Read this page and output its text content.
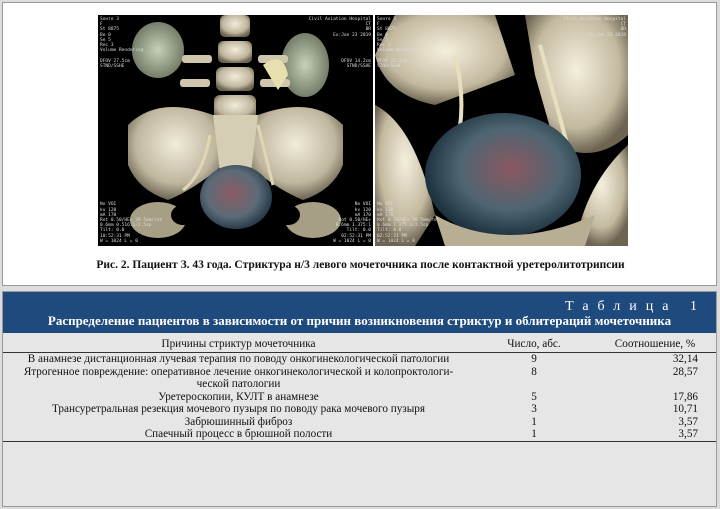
Sонте 3
F
St 8875
Be 0
Se 5
Rec 3
Volume Rendering

DFOV 27.5cm
STND/SSHE
Civil Aviation Hospital
CT
BR
Ex:Jan 23 2019

DFOV 14.2cm
STND/SSHE
No VOI
kv 120
mA 170
Rot 0.50/HE+ 39.5mm/rot
0.6mm 0.516:1/2.5sp
Tilt: 0.0
10:52:31 PM
W = 1024 L = 0
No VOI
kv 120
mA 170
Rot 0.50/HE+
0.6mm 1.375:1
Tilt: 0.0
02:52:31 PM
W = 1024 L = 0
Sонте 3
F
St 8875
Be 0
Se 5
Rec 3
Volume Rendering

DFOV 14.2cm
STND/SSHE
Civil Aviation Hospital
CT
BR
Ex:Jan 23 2019
No VOI
kv 120
mA 170
Rot 0.50/HE+ 39.5mm/rot
0.6mm 1.375:1/2.5sp
Tilt: 0.0
02:52:31 PM
W = 1024 L = 0
Рис. 2. Пациент З. 43 года. Стриктура н/3 левого мочеточника после контактной уретеролитотрипсии
Таблица 1
Распределение пациентов в зависимости от причин возникновения стриктур и облитераций мочеточника
Причины стриктур мочеточника	Число, абс.	Соотношение, %
В анамнезе дистанционная лучевая терапия по поводу онкогинекологической патологии	9	32,14
Ятрогенное повреждение: оперативное лечение онкогинекологической и колопроктологи-
ческой патологии	8	28,57
Уретероскопии, КУЛТ в анамнезе	5	17,86
Трансуретральная резекция мочевого пузыря по поводу рака мочевого пузыря	3	10,71
Забрюшинный фиброз	1	3,57
Спаечный процесс в брюшной полости	1	3,57
